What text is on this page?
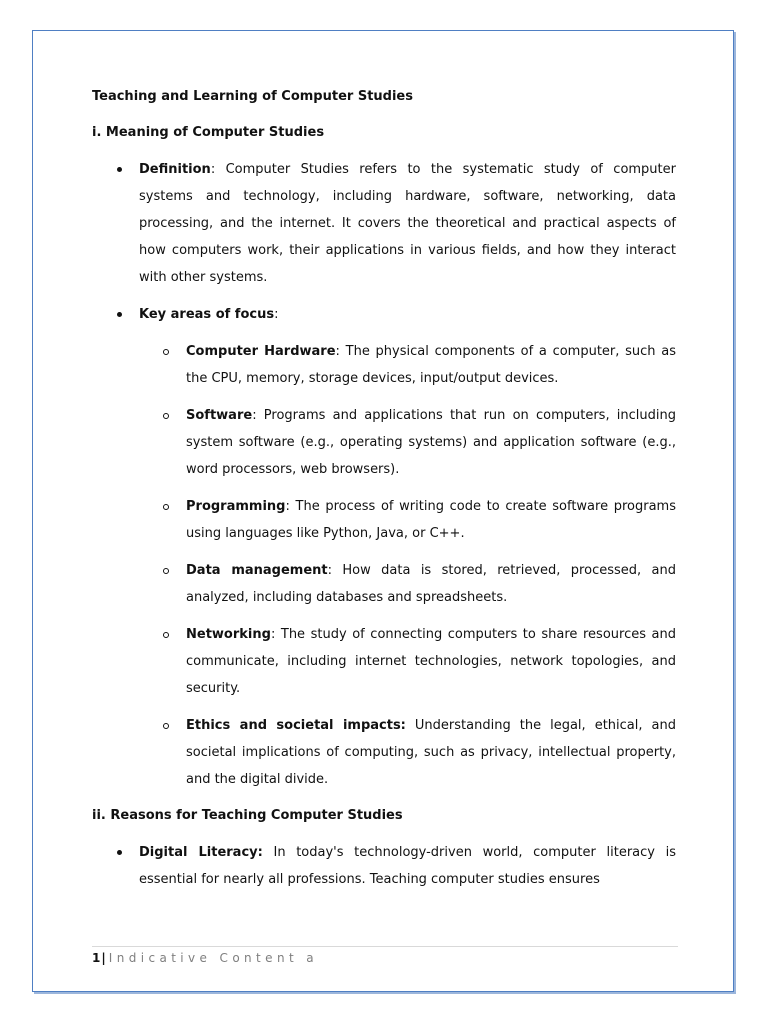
Teaching and Learning of Computer Studies
i. Meaning of Computer Studies
Definition: Computer Studies refers to the systematic study of computer systems and technology, including hardware, software, networking, data processing, and the internet. It covers the theoretical and practical aspects of how computers work, their applications in various fields, and how they interact with other systems.
Key areas of focus:
Computer Hardware: The physical components of a computer, such as the CPU, memory, storage devices, input/output devices.
Software: Programs and applications that run on computers, including system software (e.g., operating systems) and application software (e.g., word processors, web browsers).
Programming: The process of writing code to create software programs using languages like Python, Java, or C++.
Data management: How data is stored, retrieved, processed, and analyzed, including databases and spreadsheets.
Networking: The study of connecting computers to share resources and communicate, including internet technologies, network topologies, and security.
Ethics and societal impacts: Understanding the legal, ethical, and societal implications of computing, such as privacy, intellectual property, and the digital divide.
ii. Reasons for Teaching Computer Studies
Digital Literacy: In today's technology-driven world, computer literacy is essential for nearly all professions. Teaching computer studies ensures
1| Indicative Content a
